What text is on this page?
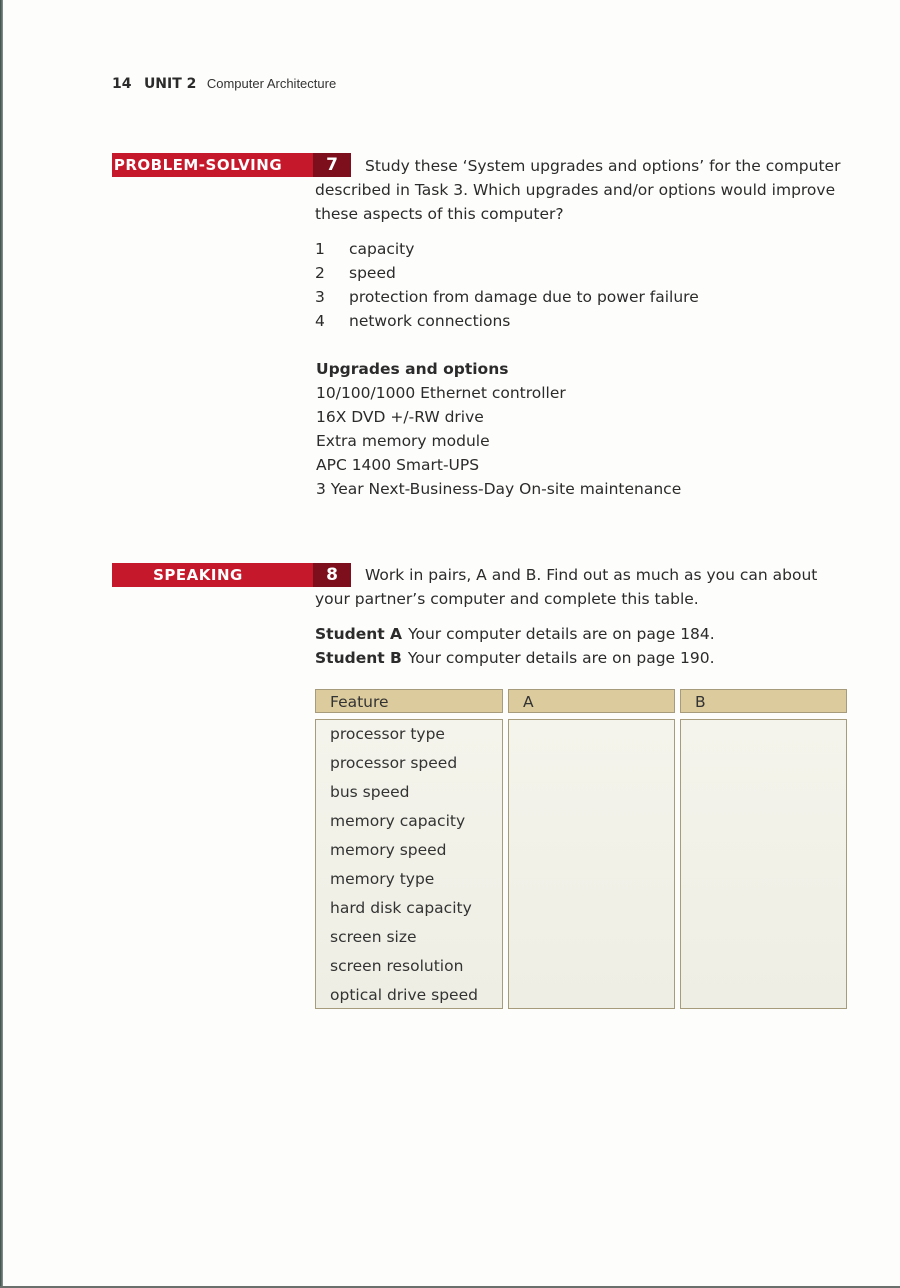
14 UNIT 2 Computer Architecture
PROBLEM-SOLVING	7	Study these ‘System upgrades and options’ for the computer
described in Task 3. Which upgrades and/or options would improve
these aspects of this computer?
1 capacity
2 speed
3 protection from damage due to power failure
4 network connections
Upgrades and options
10/100/1000 Ethernet controller
16X DVD +/-RW drive
Extra memory module
APC 1400 Smart-UPS
3 Year Next-Business-Day On-site maintenance
SPEAKING	8	Work in pairs, A and B. Find out as much as you can about
your partner’s computer and complete this table.
Student A Your computer details are on page 184.
Student B Your computer details are on page 190.
Feature	A	B
processor type
processor speed
bus speed
memory capacity
memory speed
memory type
hard disk capacity
screen size
screen resolution
optical drive speed
